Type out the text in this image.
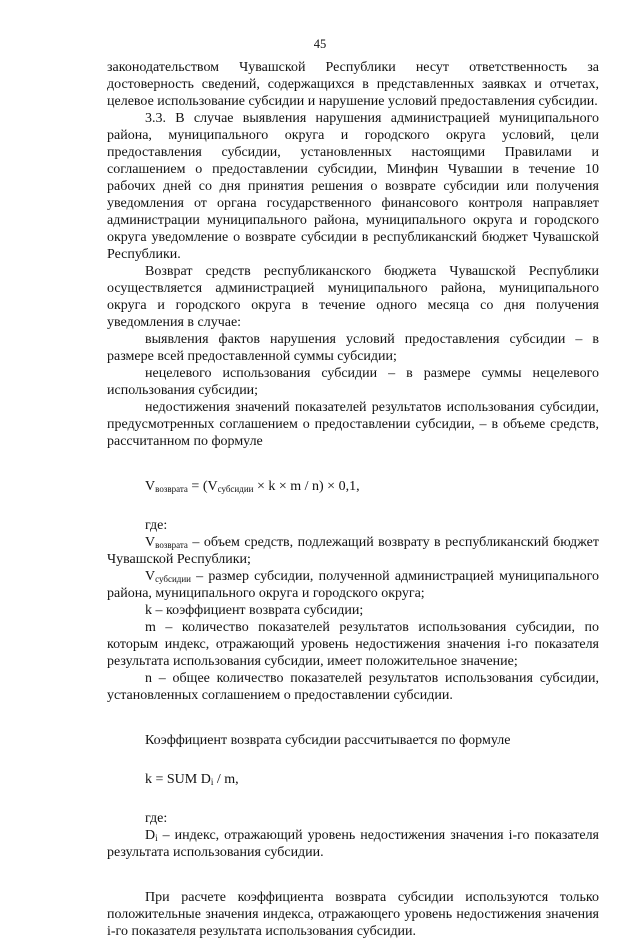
45

законодательством Чувашской Республики несут ответственность за достоверность сведений, содержащихся в представленных заявках и отчетах, целевое использование субсидии и нарушение условий предоставления субсидии.

3.3. В случае выявления нарушения администрацией муниципального района, муниципального округа и городского округа условий, цели предоставления субсидии, установленных настоящими Правилами и соглашением о предоставлении субсидии, Минфин Чувашии в течение 10 рабочих дней со дня принятия решения о возврате субсидии или получения уведомления от органа государственного финансового контроля направляет администрации муниципального района, муниципального округа и городского округа уведомление о возврате субсидии в республиканский бюджет Чувашской Республики.

Возврат средств республиканского бюджета Чувашской Республики осуществляется администрацией муниципального района, муниципального округа и городского округа в течение одного месяца со дня получения уведомления в случае:

выявления фактов нарушения условий предоставления субсидии – в размере всей предоставленной суммы субсидии;

нецелевого использования субсидии – в размере суммы нецелевого использования субсидии;

недостижения значений показателей результатов использования субсидии, предусмотренных соглашением о предоставлении субсидии, – в объеме средств, рассчитанном по формуле

$V_{возврата} = (V_{субсидии} \times k \times m / n) \times 0,1$,

где:

$V_{возврата}$ – объем средств, подлежащий возврату в республиканский бюджет Чувашской Республики;

$V_{субсидии}$ – размер субсидии, полученной администрацией муниципального района, муниципального округа и городского округа;

k – коэффициент возврата субсидии;

m – количество показателей результатов использования субсидии, по которым индекс, отражающий уровень недостижения значения i-го показателя результата использования субсидии, имеет положительное значение;

n – общее количество показателей результатов использования субсидии, установленных соглашением о предоставлении субсидии.

Коэффициент возврата субсидии рассчитывается по формуле

k = SUM $D_i$ / m,

где:

$D_i$ – индекс, отражающий уровень недостижения значения i-го показателя результата использования субсидии.

При расчете коэффициента возврата субсидии используются только положительные значения индекса, отражающего уровень недостижения значения i-го показателя результата использования субсидии.
